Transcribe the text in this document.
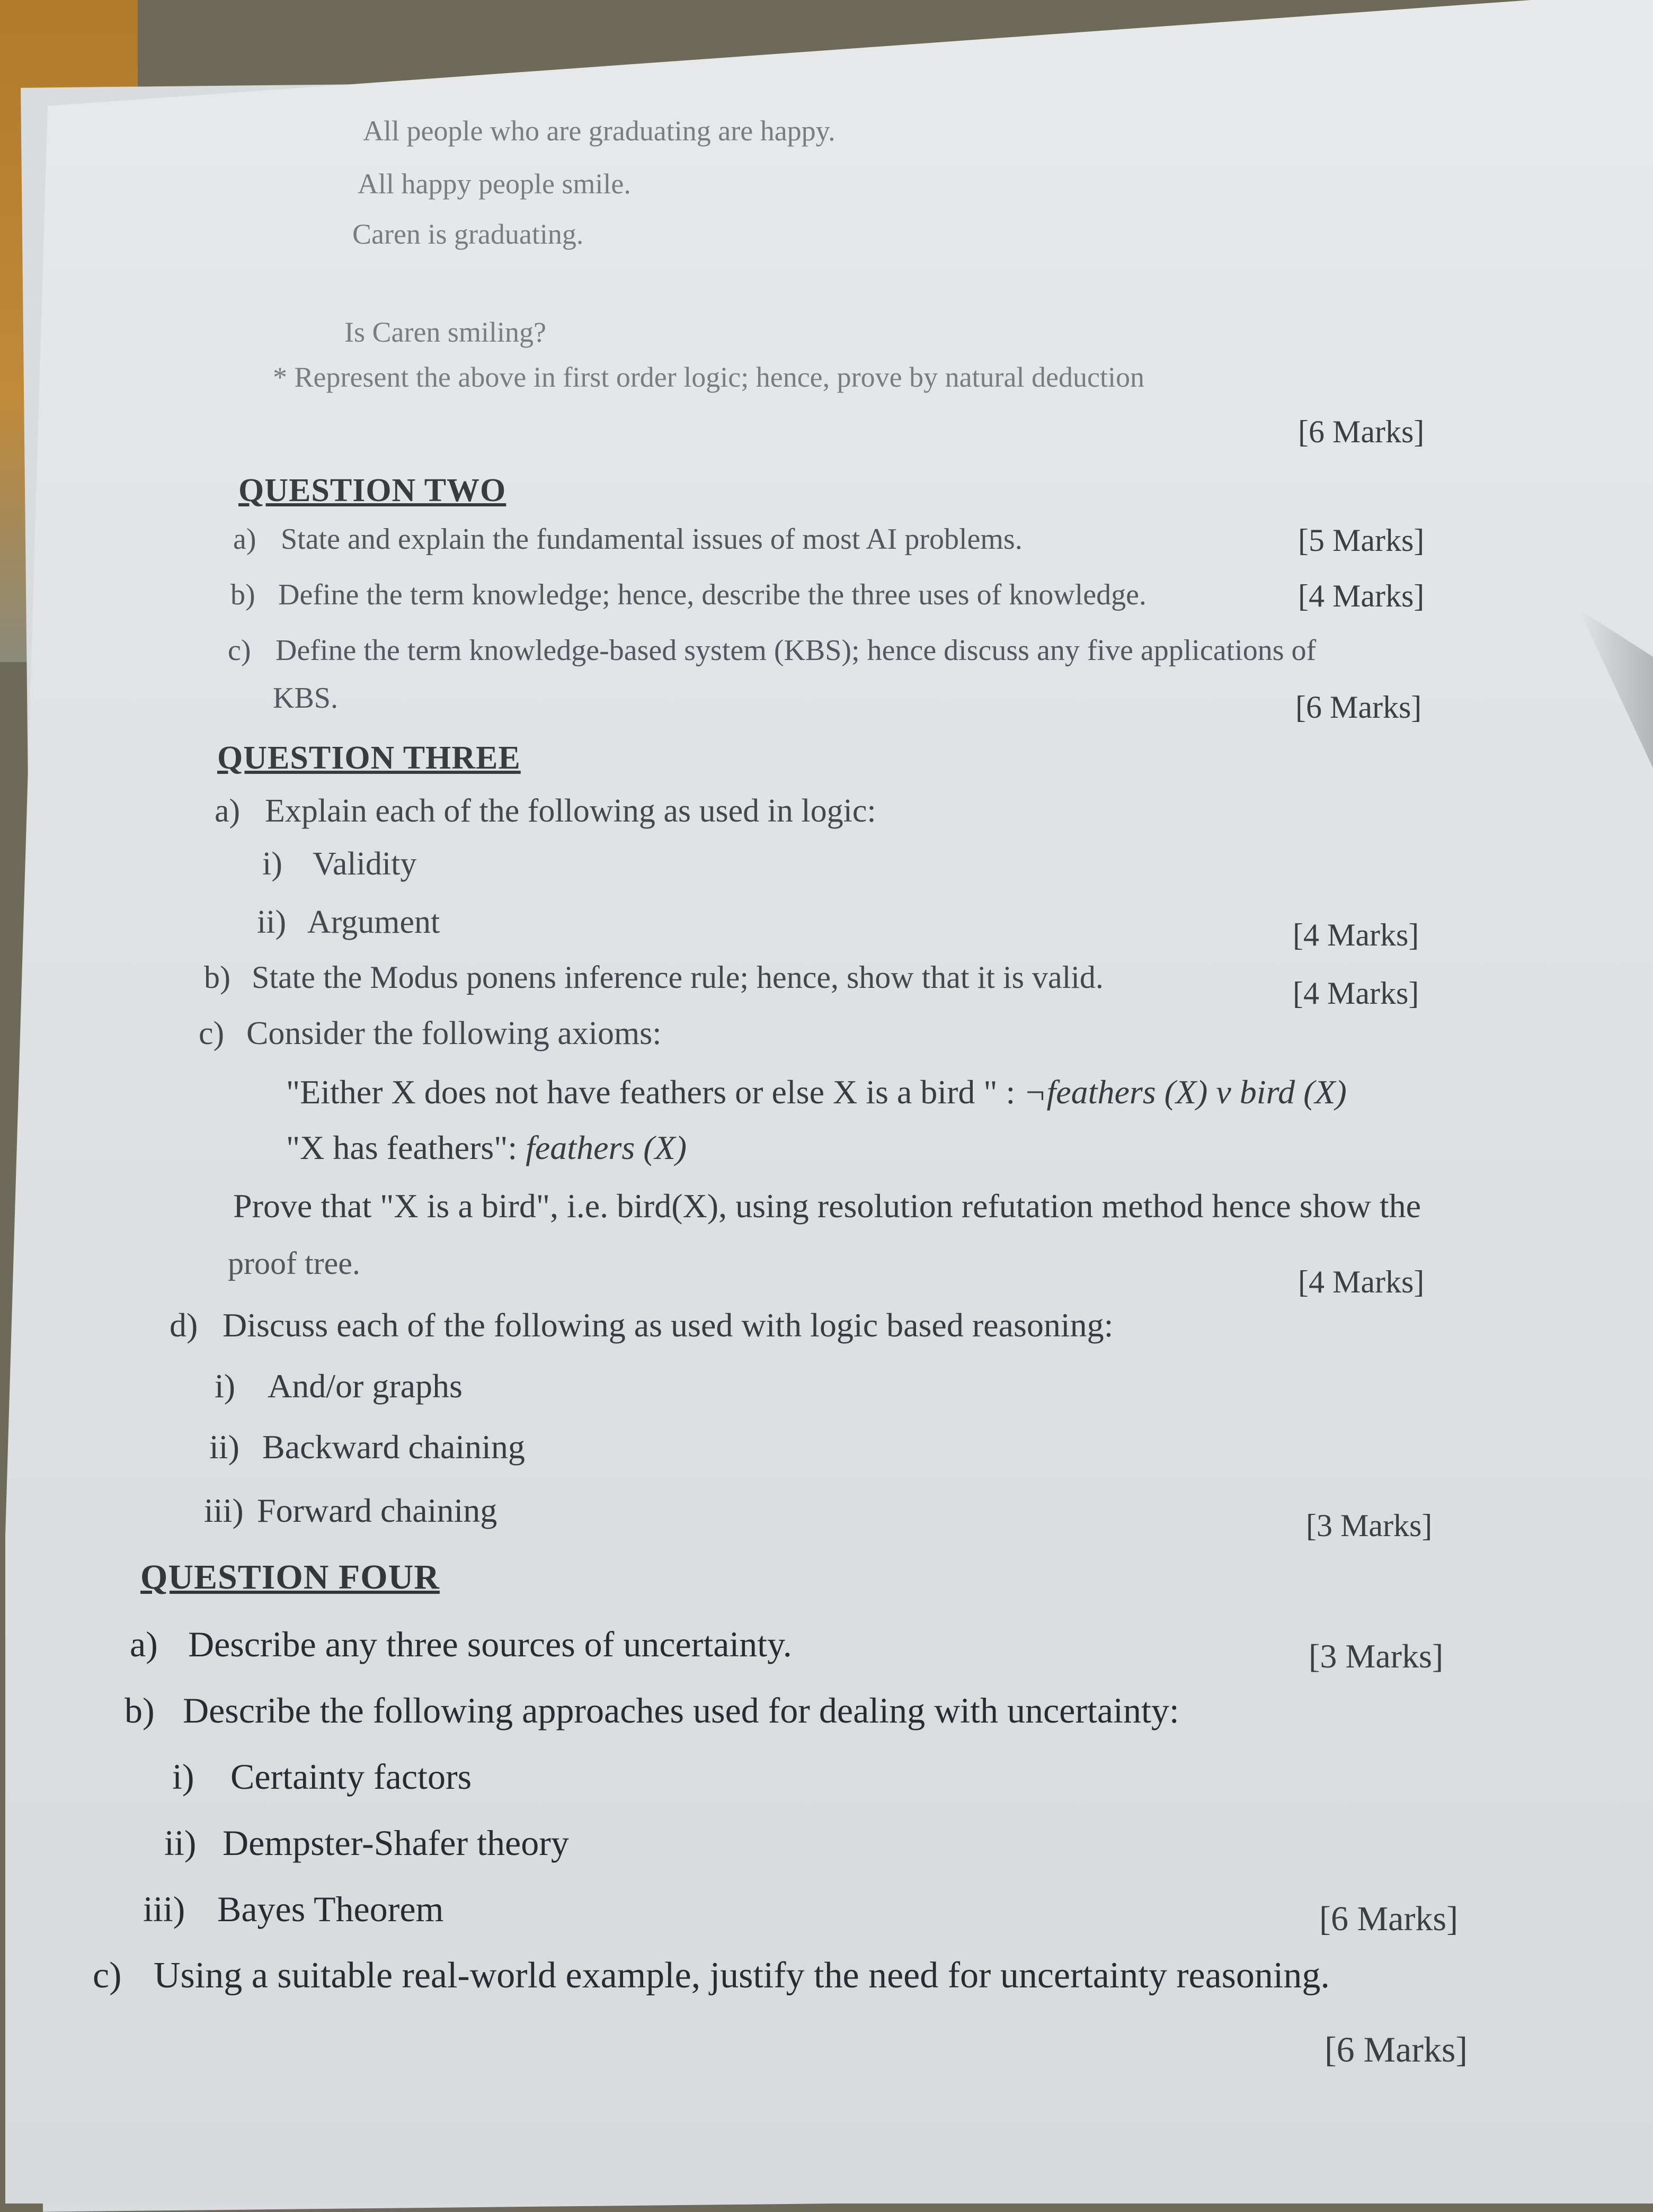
All people who are graduating are happy.
All happy people smile.
Caren is graduating.
Is Caren smiling?
* Represent the above in first order logic; hence, prove by natural deduction
[6 Marks]
QUESTION TWO
a) State and explain the fundamental issues of most AI problems.	[5 Marks]
b) Define the term knowledge; hence, describe the three uses of knowledge.	[4 Marks]
c) Define the term knowledge-based system (KBS); hence discuss any five applications of
KBS.	[6 Marks]
QUESTION THREE
a) Explain each of the following as used in logic:
i) Validity
ii) Argument	[4 Marks]
b) State the Modus ponens inference rule; hence, show that it is valid.	[4 Marks]
c) Consider the following axioms:
"Either X does not have feathers or else X is a bird " : ¬feathers (X) v bird (X)
"X has feathers": feathers (X)
Prove that "X is a bird", i.e. bird(X), using resolution refutation method hence show the
proof tree.
[4 Marks]
d) Discuss each of the following as used with logic based reasoning:
i) And/or graphs
ii) Backward chaining
iii) Forward chaining	[3 Marks]
QUESTION FOUR
a) Describe any three sources of uncertainty.	[3 Marks]
b) Describe the following approaches used for dealing with uncertainty:
i) Certainty factors
ii) Dempster-Shafer theory
iii) Bayes Theorem	[6 Marks]
c) Using a suitable real-world example, justify the need for uncertainty reasoning.
[6 Marks]
